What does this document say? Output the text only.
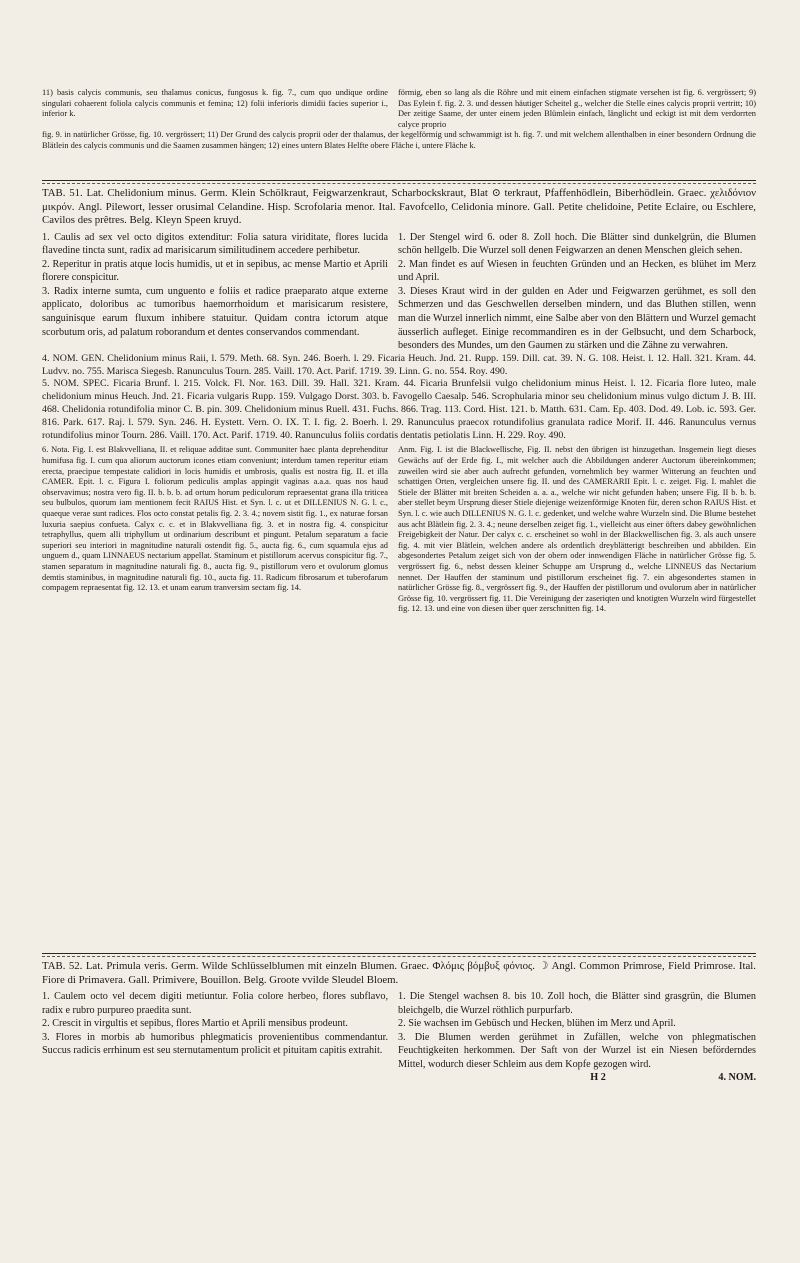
11) basis calycis communis, seu thalamus conicus, fungosus k. fig. 7., cum quo undique ordine singulari cohaerent foliola calycis communis et femina; 12) folii inferioris dimidii facies superior i., inferior k.

förmig, eben so lang als die Röhre und mit einem einfachen stigmate versehen ist fig. 6. vergrössert; 9) Das Eylein f. fig. 2. 3. und dessen häutiger Scheitel g., welcher die Stelle eines calycis proprii vertritt; 10) Der zeitige Saame, der unter einem jeden Blümlein einfach, länglicht und eckigt ist mit dem verdorrten calyce proprio

fig. 9. in natürlicher Grösse, fig. 10. vergrössert; 11) Der Grund des calycis proprii oder der thalamus, der kegelförmig und schwammigt ist h. fig. 7. und mit welchem allenthalben in einer besondern Ordnung die Blätlein des calycis communis und die Saamen zusammen hängen; 12) eines untern Blates Helfte obere Fläche i, untere Fläche k.

TAB. 51. Lat. Chelidonium minus. Germ. Klein Schölkraut, Feigwarzenkraut, Scharbockskraut, Blat ⊙ terkraut, Pfaffenhödlein, Biberhödlein. Graec. χελιδόνιον μικρόν. Angl. Pilewort, lesser orusimal Celandine. Hisp. Scrofolaria menor. Ital. Favofcello, Celidonia minore. Gall. Petite chelidoine, Petite Eclaire, ou Eschlere, Cavilos des prêtres. Belg. Kleyn Speen kruyd.

1. Caulis ad sex vel octo digitos extenditur: Folia satura viriditate, flores lucida flavedine tincta sunt, radix ad marisicarum similitudinem accedere perhibetur.

2. Reperitur in pratis atque locis humidis, ut et in sepibus, ac mense Martio et Aprili florere conspicitur.

3. Radix interne sumta, cum unguento e foliis et radice praeparato atque externe applicato, doloribus ac tumoribus haemorrhoidum et marisicarum resistere, sanguinisque earum fluxum inhibere statuitur. Quidam contra ictorum atque scorbutum oris, ad palatum roborandum et dentes conservandos commendant.

1. Der Stengel wird 6. oder 8. Zoll hoch. Die Blätter sind dunkelgrün, die Blumen schön hellgelb. Die Wurzel soll denen Feigwarzen an denen Menschen gleich sehen.

2. Man findet es auf Wiesen in feuchten Gründen und an Hecken, es blühet im Merz und April.

3. Dieses Kraut wird in der gulden en Ader und Feigwarzen gerühmet, es soll den Schmerzen und das Geschwellen derselben mindern, und das Bluthen stillen, wenn man die Wurzel innerlich nimmt, eine Salbe aber von den Blättern und Wurzel gemacht äusserlich aufleget. Einige recommandiren es in der Gelbsucht, und dem Scharbock, besonders des Mundes, um den Gaumen zu stärken und die Zähne zu verwahren.

4. NOM. GEN. Chelidonium minus Raii, l. 579. Meth. 68. Syn. 246. Boerh. l. 29. Ficaria Heuch. Jnd. 21. Rupp. 159. Dill. cat. 39. N. G. 108. Heist. l. 12. Hall. 321. Kram. 44. Ludvv. no. 755. Marisca Siegesb. Ranunculus Tourn. 285. Vaill. 170. Act. Parif. 1719. 39. Linn. G. no. 554. Roy. 490.

5. NOM. SPEC. Ficaria Brunf. l. 215. Volck. Fl. Nor. 163. Dill. 39. Hall. 321. Kram. 44. Ficaria Brunfelsii vulgo chelidonium minus Heist. l. 12. Ficaria flore luteo, male chelidonium minus Heuch. Jnd. 21. Ficaria vulgaris Rupp. 159. Vulgago Dorst. 303. b. Favogello Caesalp. 546. Scrophularia minor seu chelidonium minus vulgo dictum J. B. III. 468. Chelidonia rotundifolia minor C. B. pin. 309. Chelidonium minus Ruell. 431. Fuchs. 866. Trag. 113. Cord. Hist. 121. b. Matth. 631. Cam. Ep. 403. Dod. 49. Lob. ic. 593. Ger. 816. Park. 617. Raj. l. 579. Syn. 246. H. Eystett. Vern. O. IX. T. I. fig. 2. Boerh. l. 29. Ranunculus praecox rotundifolius granulata radice Morif. II. 446. Ranunculus vernus rotundifolius minor Tourn. 286. Vaill. 170. Act. Parif. 1719. 40. Ranunculus foliis cordatis dentatis petiolatis Linn. H. 229. Roy. 490.

6. Nota. Fig. I. est Blakvvelliana, II. et reliquae additae sunt. Communiter haec planta deprehenditur humifusa fig. I. cum qua aliorum auctorum icones etiam conveniunt; interdum tamen reperitur etiam erecta, praecipue tempestate calidiori in locis humidis et umbrosis, qualis est nostra fig. II. et illa CAMER. Epit. l. c. Figura I. foliorum pediculis amplas appingit vaginas a.a.a. quas nos haud observavimus; nostra vero fig. II. b. b. b. ad ortum horum pediculorum repraesentat grana illa triticea seu bulbulos, quorum iam mentionem fecit RAIUS Hist. et Syn. l. c. ut et DILLENIUS N. G. l. c., quaeque verae sunt radices. Flos octo constat petalis fig. 2. 3. 4.; novem sistit fig. 1., ex naturae forsan luxuria saepius confueta. Calyx c. c. et in Blakvvelliana fig. 3. et in nostra fig. 4. conspicitur tetraphyllus, quem alli triphyllum ut ordinarium describunt et pingunt. Petalum separatum a facie superiori seu interiori in magnitudine naturali ostendit fig. 5., aucta fig. 6., cum squamula ejus ad unguem d., quam LINNAEUS nectarium appellat. Staminum et pistillorum acervus conspicitur fig. 7., stamen separatum in magnitudine naturali fig. 8., aucta fig. 9., pistillorum vero et ovulorum glomus demtis staminibus, in magnitudine naturali fig. 10., aucta fig. 11. Radicum fibrosarum et tuberofarum compagem repraesentat fig. 12. 13. et unam earum tranversim sectam fig. 14.

Anm. Fig. I. ist die Blackwellische, Fig. II. nebst den übrigen ist hinzugethan. Insgemein liegt dieses Gewächs auf der Erde fig. I., mit welcher auch die Abbildungen anderer Auctorum übereinkommen; zuweilen wird sie aber auch aufrecht gefunden, vornehmlich bey warmer Witterung an feuchten und schattigen Orten, vergleichen unsere fig. II. und des CAMERARII Epit. l. c. zeiget. Fig. I. mahlet die Stiele der Blätter mit breiten Scheiden a. a. a., welche wir nicht gefunden haben; unsere Fig. II b. b. b. aber stellet beym Ursprung dieser Stiele diejenige weizenförmige Knoten für, deren schon RAIUS Hist. et Syn. l. c. wie auch DILLENIUS N. G. l. c. gedenket, und welche wahre Wurzeln sind. Die Blume bestehet aus acht Blätlein fig. 2. 3. 4.; neune derselben zeiget fig. 1., vielleicht aus einer öfters dabey gewöhnlichen Freigebigkeit der Natur. Der calyx c. c. erscheinet so wohl in der Blackwellischen fig. 3. als auch unsere fig. 4. mit vier Blätlein, welchen andere als ordentlich dreyblätterigt beschreiben und abbilden. Ein abgesondertes Petalum zeiget sich von der obern oder innwendigen Fläche in natürlicher Grösse fig. 5. vergrössert fig. 6., nebst dessen kleiner Schuppe am Ursprung d., welche LINNEUS das Nectarium nennet. Der Hauffen der staminum und pistillorum erscheinet fig. 7. ein abgesondertes stamen in natürlicher Grösse fig. 8., vergrössert fig. 9., der Hauffen der pistillorum und ovulorum aber in natürlicher Grösse fig. 10. vergrössert fig. 11. Die Vereinigung der zaseriqten und knotigten Wurzeln wird fürgestellet fig. 12. 13. und eine von diesen über quer zerschnitten fig. 14.

TAB. 52. Lat. Primula veris. Germ. Wilde Schlüsselblumen mit einzeln Blumen. Graec. Φλόμις βόμβυξ φόνιος. ☽ Angl. Common Primrose, Field Primrose. Ital. Fiore di Primavera. Gall. Primivere, Bouillon. Belg. Groote vvilde Sleudel Bloem.

1. Caulem octo vel decem digiti metiuntur. Folia colore herbeo, flores subflavo, radix e rubro purpureo praedita sunt.

2. Crescit in virgultis et sepibus, flores Martio et Aprili mensibus prodeunt.

3. Flores in morbis ab humoribus phlegmaticis provenientibus commendantur. Succus radicis errhinum est seu sternutamentum prolicit et pituitam capitis extrahit.

1. Die Stengel wachsen 8. bis 10. Zoll hoch, die Blätter sind grasgrün, die Blumen bleichgelb, die Wurzel röthlich purpurfarb.

2. Sie wachsen im Gebüsch und Hecken, blühen im Merz und April.

3. Die Blumen werden gerühmet in Zufällen, welche von phlegmatischen Feuchtigkeiten herkommen. Der Saft von der Wurzel ist ein Niesen beförderndes Mittel, wodurch dieser Schleim aus dem Kopfe gezogen wird.

H 2	4. NOM.
